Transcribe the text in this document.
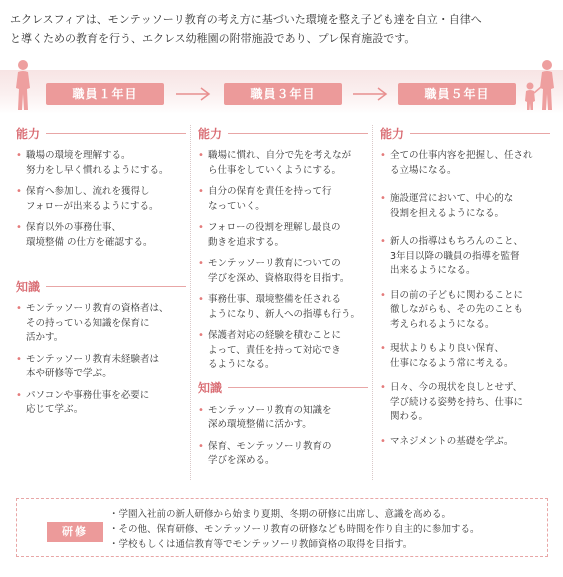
エクレスフィアは、モンテッソーリ教育の考え方に基づいた環境を整え子ども達を自立・自律へ
と導くための教育を行う、エクレス幼稚園の附帯施設であり、プレ保育施設です。
職員１年目	職員３年目	職員５年目
能力
• 職場の環境を理解する。
努力をし早く慣れるようにする。
• 保育へ参加し、流れを獲得し
フォローが出来るようにする。
• 保育以外の事務仕事、
環境整備 の仕方を確認する。
知識
• モンテッソーリ教育の資格者は、
その持っている知識を保育に
活かす。
• モンテッソーリ教育未経験者は
本や研修等で学ぶ。
• パソコンや事務仕事を必要に
応じて学ぶ。
能力
• 職場に慣れ、自分で先を考えなが
ら仕事をしていくようにする。
• 自分の保育を責任を持って行
なっていく。
• フォローの役割を理解し最良の
動きを追求する。
• モンテッソーリ教育についての
学びを深め、資格取得を目指す。
• 事務仕事、環境整備を任される
ようになり、新人への指導も行う。
• 保護者対応の経験を積むことに
よって、責任を持って対応でき
るようになる。
知識
• モンテッソーリ教育の知識を
深め環境整備に活かす。
• 保育、モンテッソーリ教育の
学びを深める。
能力
• 全ての仕事内容を把握し、任され
る立場になる。
• 施設運営において、中心的な
役割を担えるようになる。
• 新人の指導はもちろんのこと、
3年目以降の職員の指導を監督
出来るようになる。
• 目の前の子どもに関わることに
徹しながらも、その先のことも
考えられるようになる。
• 現状よりもより良い保育、
仕事になるよう常に考える。
• 日々、今の現状を良しとせず、
学び続ける姿勢を持ち、仕事に
関わる。
• マネジメントの基礎を学ぶ。
研修
・学園入社前の新人研修から始まり夏期、冬期の研修に出席し、意識を高める。
・その他、保育研修、モンテッソーリ教育の研修なども時間を作り自主的に参加する。
・学校もしくは通信教育等でモンテッソーリ教師資格の取得を目指す。
